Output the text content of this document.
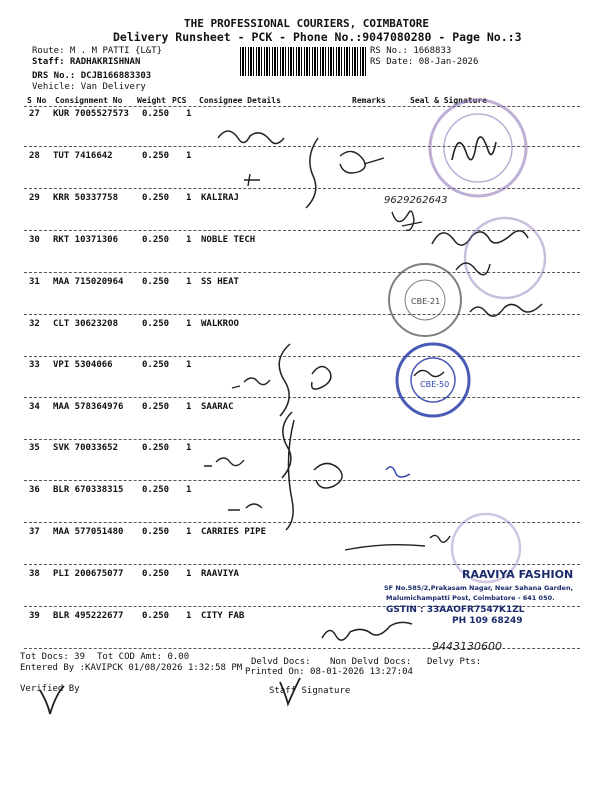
THE PROFESSIONAL COURIERS, COIMBATORE
Delivery Runsheet - PCK - Phone No.:9047080280 - Page No.:3
Route: M . M PATTI {L&T}
Staff: RADHAKRISHNAN
DRS No.: DCJB166883303
Vehicle: Van Delivery
RS No.: 1668833
RS Date: 08-Jan-2026
S No Consignment No Weight PCS Consignee Details	Remarks	Seal & Signature
27 KUR 7005527573 0.250 1
28 TUT 7416642	0.250 1
29 KRR 50337758	0.250 1 KALIRAJ
30 RKT 10371306	0.250 1 NOBLE TECH
31 MAA 715020964 0.250 1 SS HEAT
32 CLT 30623208	0.250 1 WALKROO
33 VPI 5304066	0.250 1
34 MAA 578364976 0.250 1 SAARAC
35 SVK 70033652	0.250 1
36 BLR 670338315 0.250 1
37 MAA 577051480 0.250 1 CARRIES PIPE
38 PLI 200675077 0.250 1 RAAVIYA
39 BLR 495222677 0.250 1 CITY FAB
Tot Docs: 39 Tot COD Amt: 0.00	Delvd Docs: Non Delvd Docs: Delvy Pts:
Entered By :KAVIPCK 01/08/2026 1:32:58 PM Printed On: 08-01-2026 13:27:04
Verified By	Staff Signature
9629262643
CBE-21
CBE-50
RAAVIYA FASHION
SF No.585/2,Prakasam Nagar, Near Sahana Garden,
Malumichampatti Post, Coimbatore - 641 050.
GSTIN : 33AAOFR7547K1ZL
PH 109 68249
9443130600
